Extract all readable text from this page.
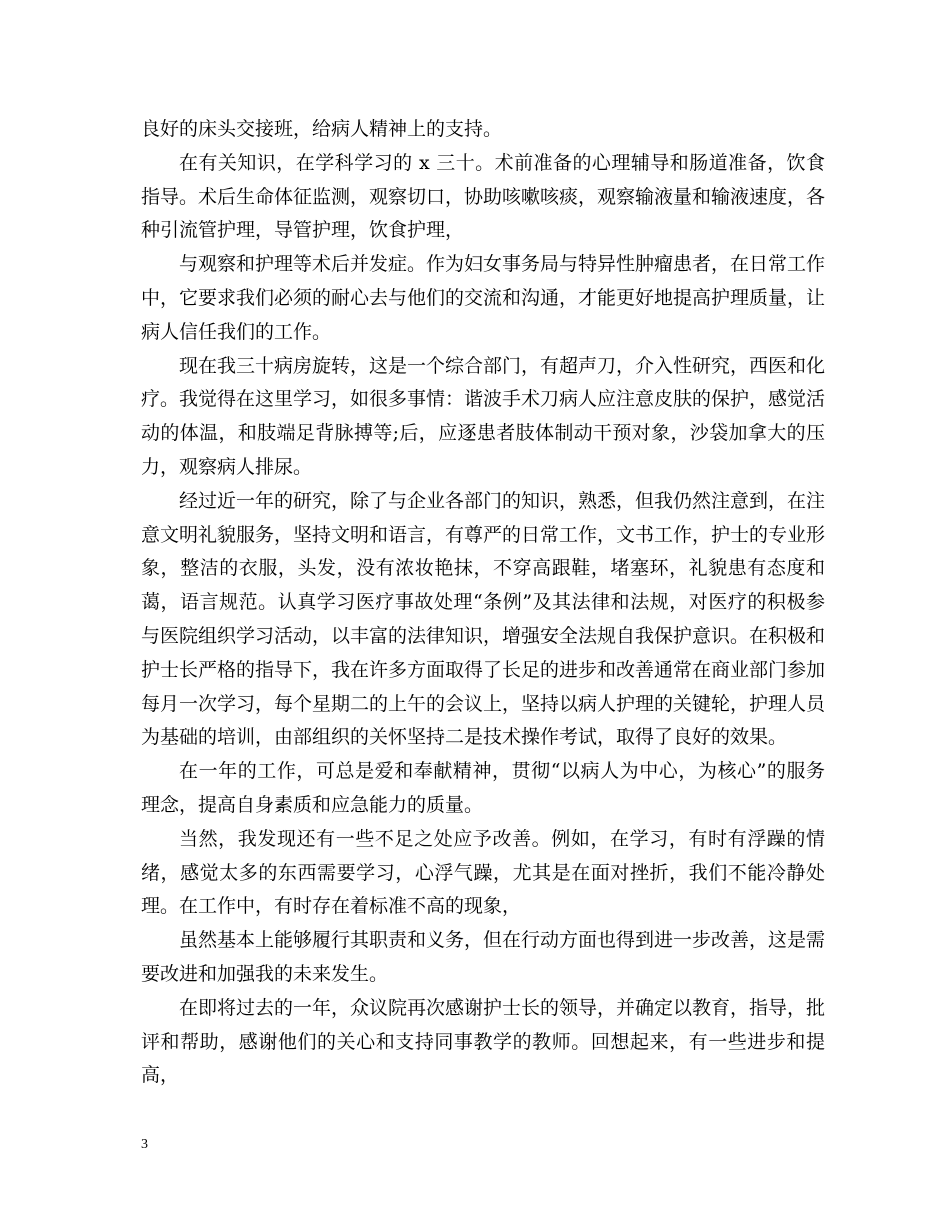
良好的床头交接班，给病人精神上的支持。

在有关知识，在学科学习的 x 三十。术前准备的心理辅导和肠道准备，饮食指导。术后生命体征监测，观察切口，协助咳嗽咳痰，观察输液量和输液速度，各种引流管护理，导管护理，饮食护理，

与观察和护理等术后并发症。作为妇女事务局与特异性肿瘤患者，在日常工作中，它要求我们必须的耐心去与他们的交流和沟通，才能更好地提高护理质量，让病人信任我们的工作。

现在我三十病房旋转，这是一个综合部门，有超声刀，介入性研究，西医和化疗。我觉得在这里学习，如很多事情：谐波手术刀病人应注意皮肤的保护，感觉活动的体温，和肢端足背脉搏等;后，应逐患者肢体制动干预对象，沙袋加拿大的压力，观察病人排尿。

经过近一年的研究，除了与企业各部门的知识，熟悉，但我仍然注意到，在注意文明礼貌服务，坚持文明和语言，有尊严的日常工作，文书工作，护士的专业形象，整洁的衣服，头发，没有浓妆艳抹，不穿高跟鞋，堵塞环，礼貌患有态度和蔼，语言规范。认真学习医疗事故处理“条例”及其法律和法规，对医疗的积极参与医院组织学习活动，以丰富的法律知识，增强安全法规自我保护意识。在积极和护士长严格的指导下，我在许多方面取得了长足的进步和改善通常在商业部门参加每月一次学习，每个星期二的上午的会议上，坚持以病人护理的关键轮，护理人员为基础的培训，由部组织的关怀坚持二是技术操作考试，取得了良好的效果。

在一年的工作，可总是爱和奉献精神，贯彻“以病人为中心，为核心”的服务理念，提高自身素质和应急能力的质量。

当然，我发现还有一些不足之处应予改善。例如，在学习，有时有浮躁的情绪，感觉太多的东西需要学习，心浮气躁，尤其是在面对挫折，我们不能冷静处理。在工作中，有时存在着标准不高的现象，

虽然基本上能够履行其职责和义务，但在行动方面也得到进一步改善，这是需要改进和加强我的未来发生。

在即将过去的一年，众议院再次感谢护士长的领导，并确定以教育，指导，批评和帮助，感谢他们的关心和支持同事教学的教师。回想起来，有一些进步和提高，

3
